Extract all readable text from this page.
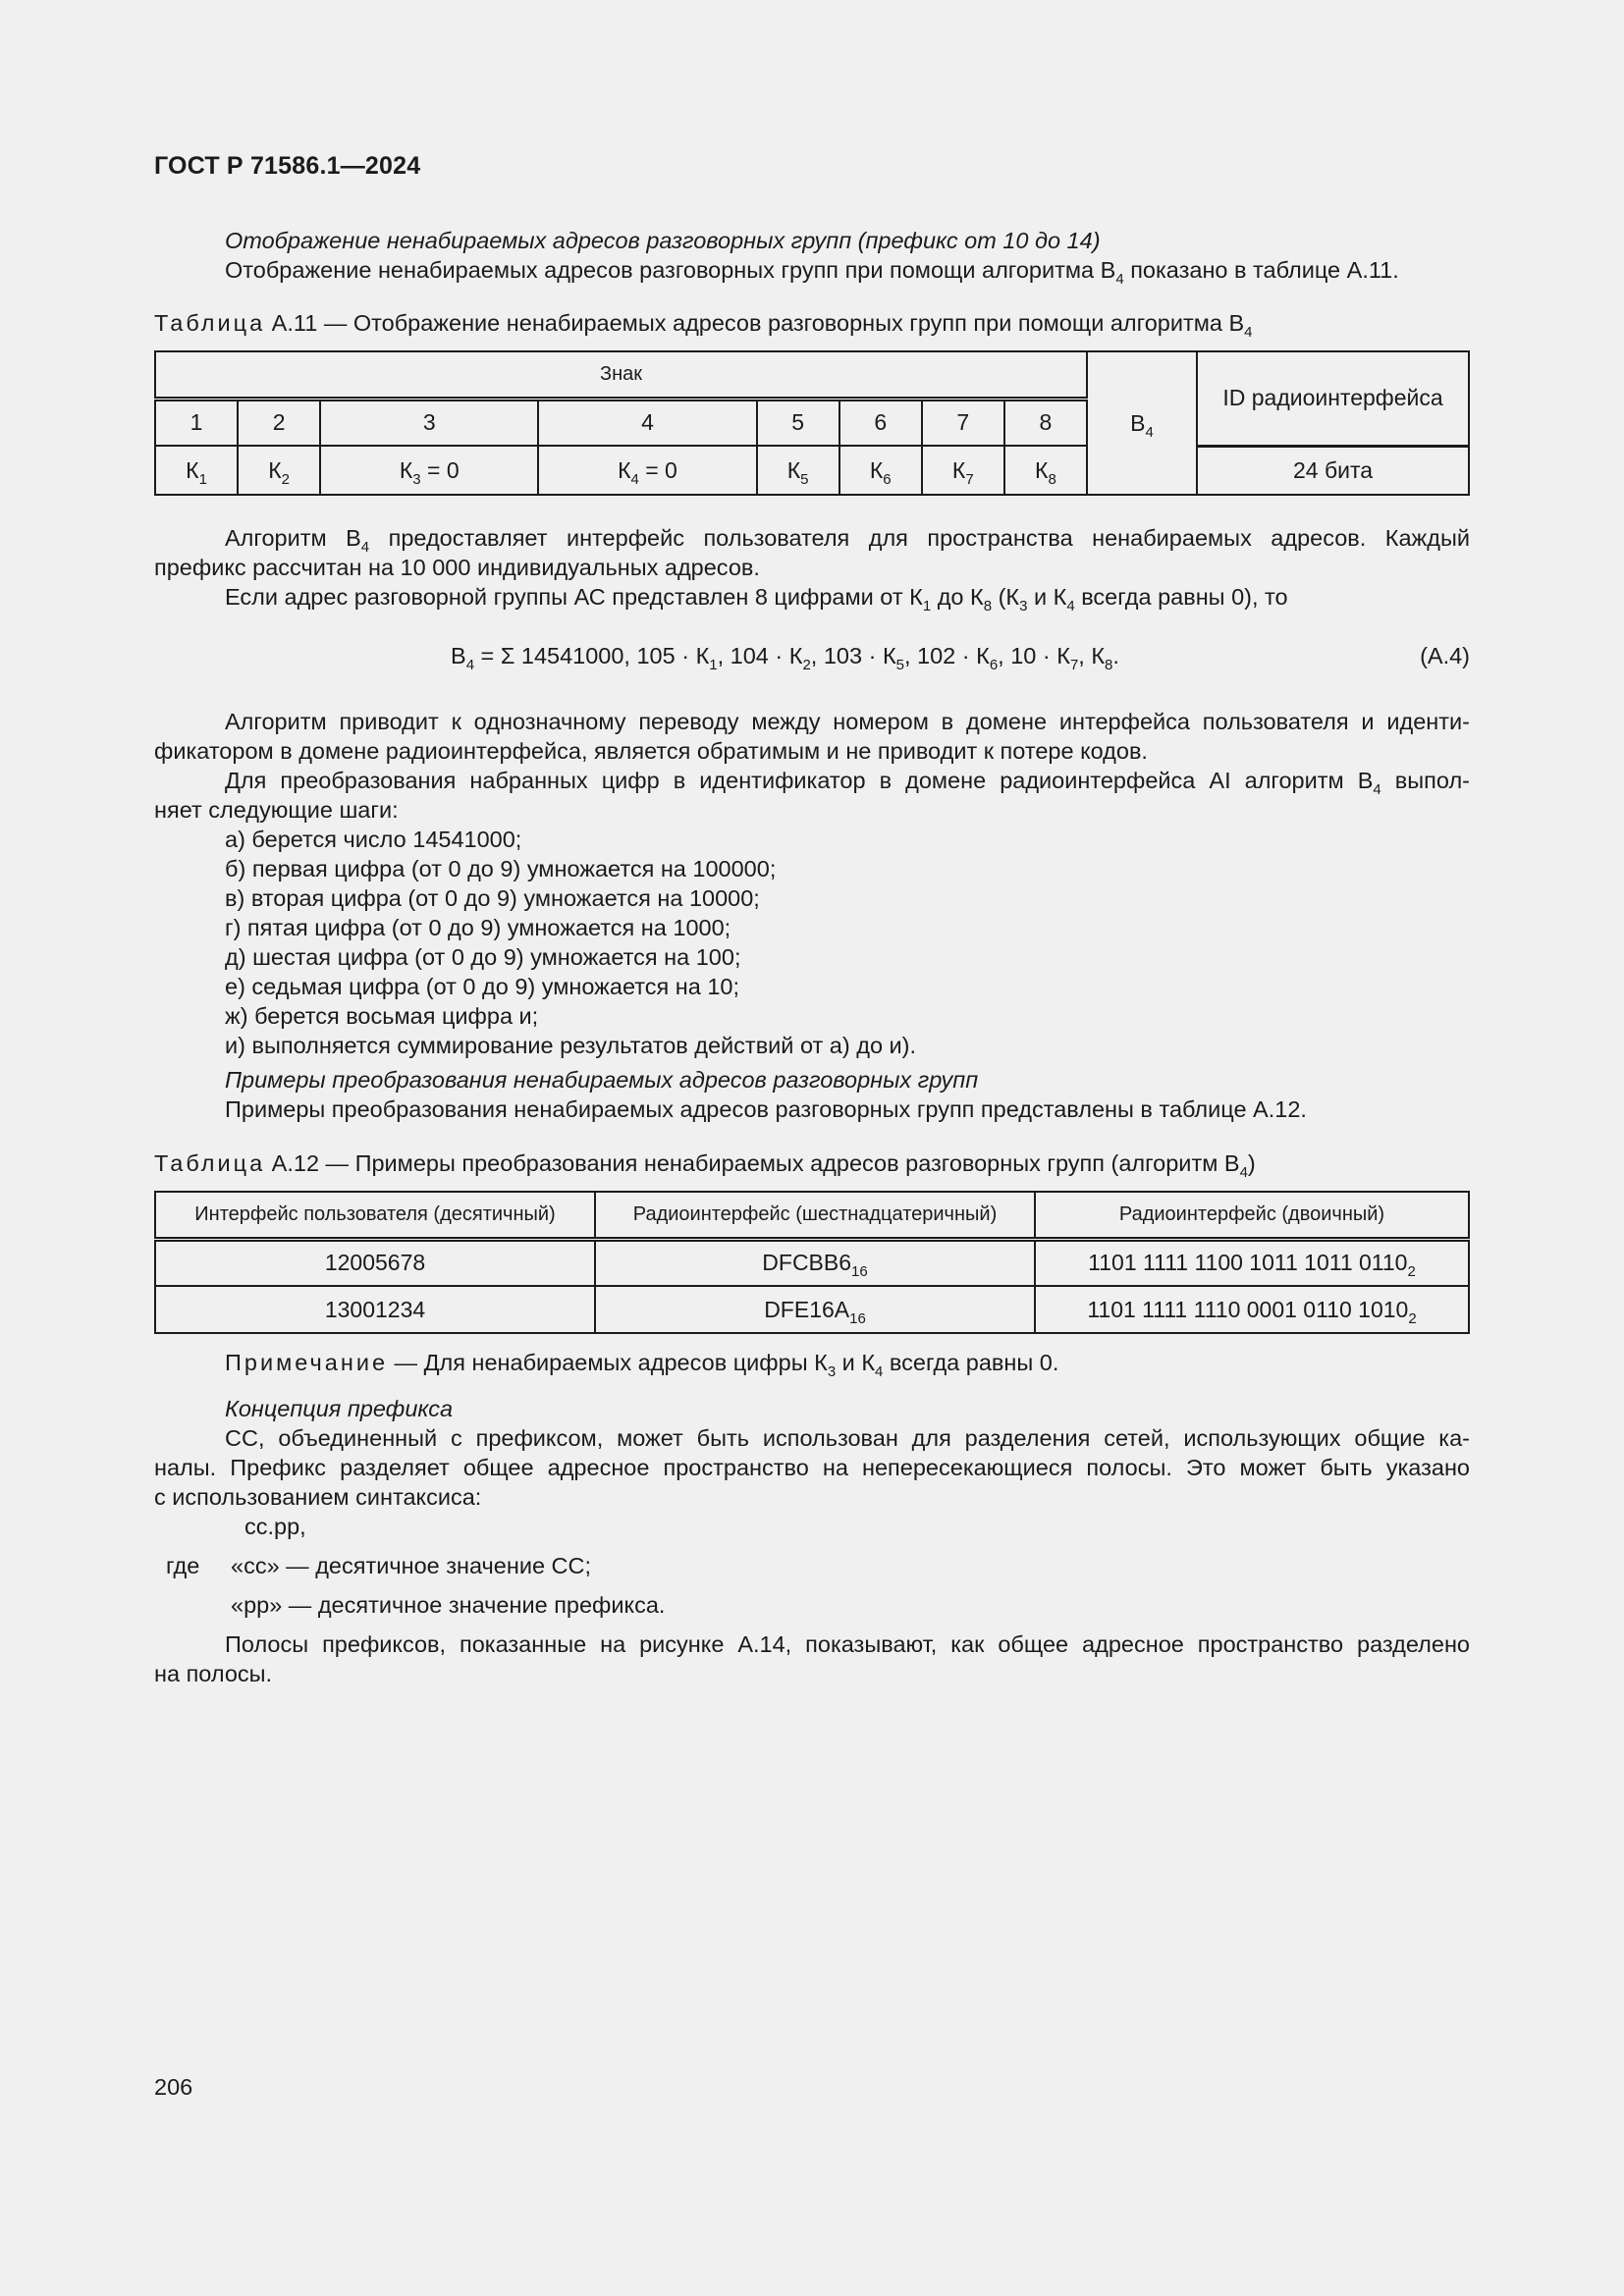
ГОСТ Р 71586.1—2024
Отображение ненабираемых адресов разговорных групп (префикс от 10 до 14)
Отображение ненабираемых адресов разговорных групп при помощи алгоритма $В_4$ показано в таблице А.11.
Таблица А.11 — Отображение ненабираемых адресов разговорных групп при помощи алгоритма $В_4$
Знак								$В_4$	ID радиоинтерфейса
1	2	3	4	5	6	7	8		
$К_1$	$К_2$	$К_3 = 0$	$К_4 = 0$	$К_5$	$К_6$	$К_7$	$К_8$		24 бита
Алгоритм $В_4$ предоставляет интерфейс пользователя для пространства ненабираемых адресов. Каждый
префикс рассчитан на 10 000 индивидуальных адресов.
Если адрес разговорной группы АС представлен 8 цифрами от $К_1$ до $К_8$ ($К_3$ и $К_4$ всегда равны 0), то
$В_4 = \Sigma$ 14541000, $105 \cdot К_1$, $104 \cdot К_2$, $103 \cdot К_5$, $102 \cdot К_6$, $10 \cdot К_7$, $К_8$.	(А.4)
Алгоритм приводит к однозначному переводу между номером в домене интерфейса пользователя и иденти-
фикатором в домене радиоинтерфейса, является обратимым и не приводит к потере кодов.
Для преобразования набранных цифр в идентификатор в домене радиоинтерфейса AI алгоритм $В_4$ выпол-
няет следующие шаги:
а) берется число 14541000;
б) первая цифра (от 0 до 9) умножается на 100000;
в) вторая цифра (от 0 до 9) умножается на 10000;
г) пятая цифра (от 0 до 9) умножается на 1000;
д) шестая цифра (от 0 до 9) умножается на 100;
е) седьмая цифра (от 0 до 9) умножается на 10;
ж) берется восьмая цифра и;
и) выполняется суммирование результатов действий от а) до и).
Примеры преобразования ненабираемых адресов разговорных групп
Примеры преобразования ненабираемых адресов разговорных групп представлены в таблице А.12.
Таблица А.12 — Примеры преобразования ненабираемых адресов разговорных групп (алгоритм $В_4$)
Интерфейс пользователя (десятичный)	Радиоинтерфейс (шестнадцатеричный)	Радиоинтерфейс (двоичный)
12005678	$DFCBB6_{16}$	1101 1111 1100 1011 1011 $0110_2$
13001234	$DFE16A_{16}$	1101 1111 1110 0001 0110 $1010_2$
Примечание — Для ненабираемых адресов цифры $К_3$ и $К_4$ всегда равны 0.
Концепция префикса
СС, объединенный с префиксом, может быть использован для разделения сетей, использующих общие ка-
налы. Префикс разделяет общее адресное пространство на непересекающиеся полосы. Это может быть указано
с использованием синтаксиса:
cc.pp,
где	«cc» — десятичное значение СС;
«pp» — десятичное значение префикса.
Полосы префиксов, показанные на рисунке А.14, показывают, как общее адресное пространство разделено
на полосы.
206
